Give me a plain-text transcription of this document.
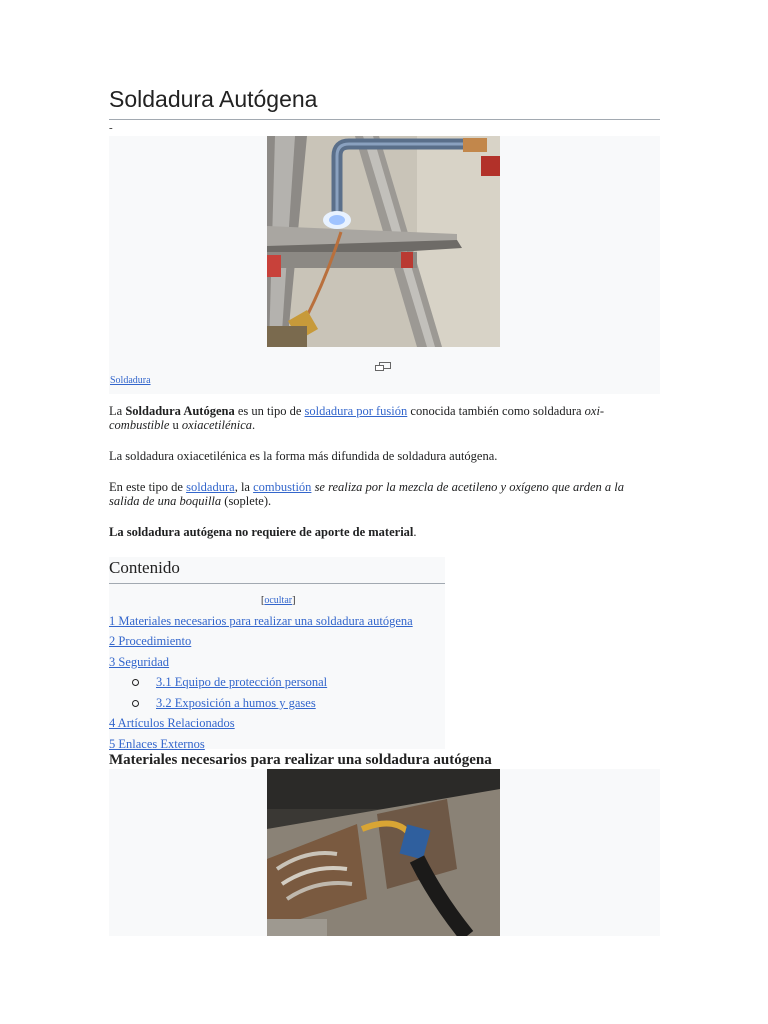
Soldadura Autógena
-
Soldadura

La Soldadura Autógena es un tipo de soldadura por fusión conocida también como soldadura oxi-combustible u oxiacetilénica.

La soldadura oxiacetilénica es la forma más difundida de soldadura autógena.

En este tipo de soldadura, la combustión se realiza por la mezcla de acetileno y oxígeno que arden a la salida de una boquilla (soplete).

La soldadura autógena no requiere de aporte de material.

Contenido
[ocultar]
1 Materiales necesarios para realizar una soldadura autógena
2 Procedimiento
3 Seguridad
3.1 Equipo de protección personal
3.2 Exposición a humos y gases
4 Artículos Relacionados
5 Enlaces Externos
Materiales necesarios para realizar una soldadura autógena
